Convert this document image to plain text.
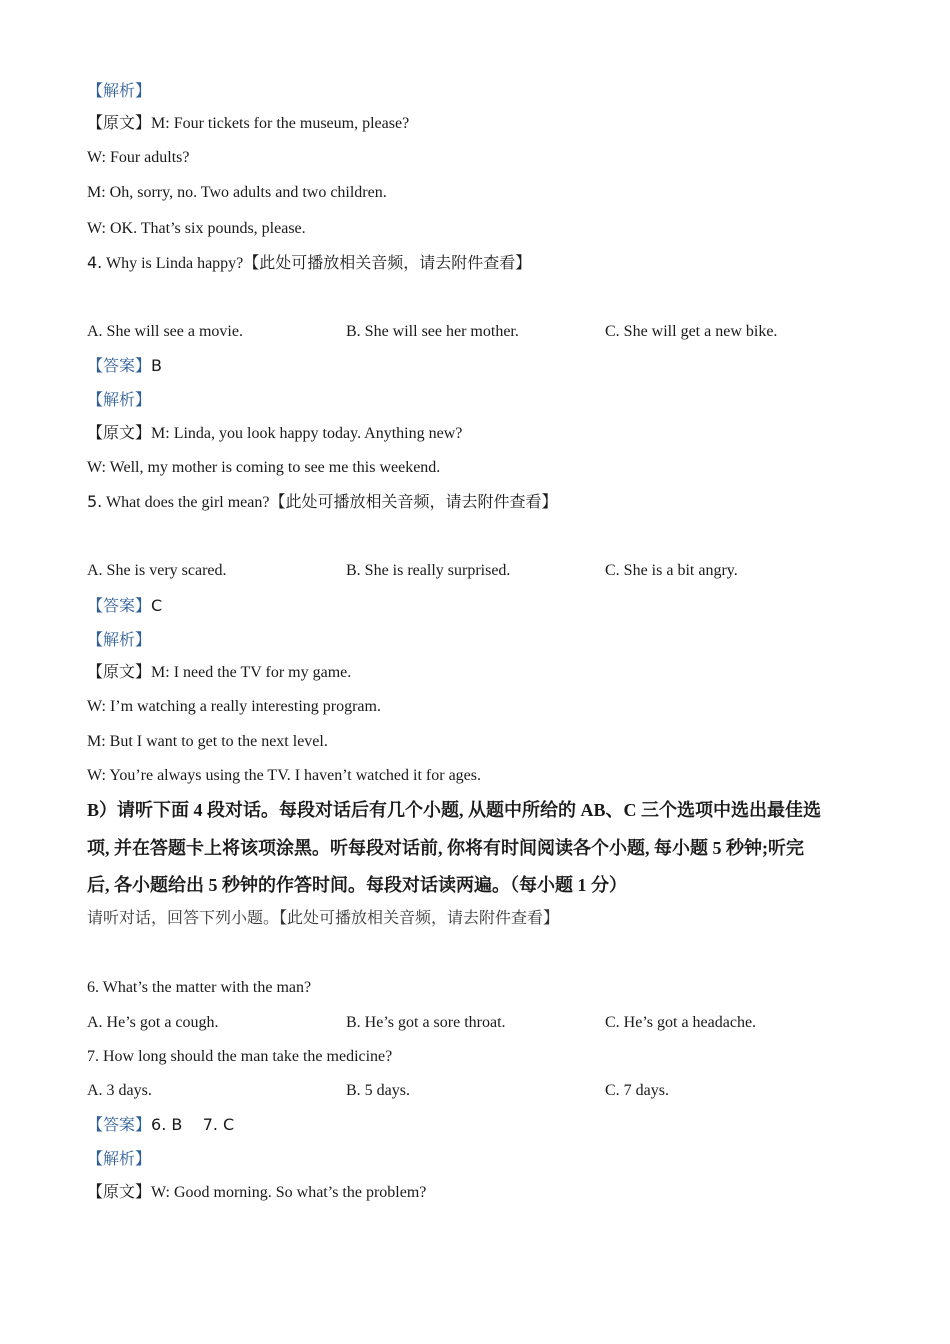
【解析】
【原文】M: Four tickets for the museum, please?
W: Four adults?
M: Oh, sorry, no. Two adults and two children.
W: OK. That’s six pounds, please.
4. Why is Linda happy?【此处可播放相关音频，请去附件查看】
A. She will see a movie.	B. She will see her mother.	C. She will get a new bike.
【答案】B
【解析】
【原文】M: Linda, you look happy today. Anything new?
W: Well, my mother is coming to see me this weekend.
5. What does the girl mean?【此处可播放相关音频，请去附件查看】
A. She is very scared.	B. She is really surprised.	C. She is a bit angry.
【答案】C
【解析】
【原文】M: I need the TV for my game.
W: I’m watching a really interesting program.
M: But I want to get to the next level.
W: You’re always using the TV. I haven’t watched it for ages.
B）请听下面 4 段对话。每段对话后有几个小题, 从题中所给的 AB、C 三个选项中选出最佳选
项, 并在答题卡上将该项涂黑。听每段对话前, 你将有时间阅读各个小题, 每小题 5 秒钟;听完
后, 各小题给出 5 秒钟的作答时间。每段对话读两遍。（每小题 1 分）
请听对话，回答下列小题。【此处可播放相关音频，请去附件查看】
6. What’s the matter with the man?
A. He’s got a cough.	B. He’s got a sore throat.	C. He’s got a headache.
7. How long should the man take the medicine?
A. 3 days.	B. 5 days.	C. 7 days.
【答案】6. B    7. C
【解析】
【原文】W: Good morning. So what’s the problem?
